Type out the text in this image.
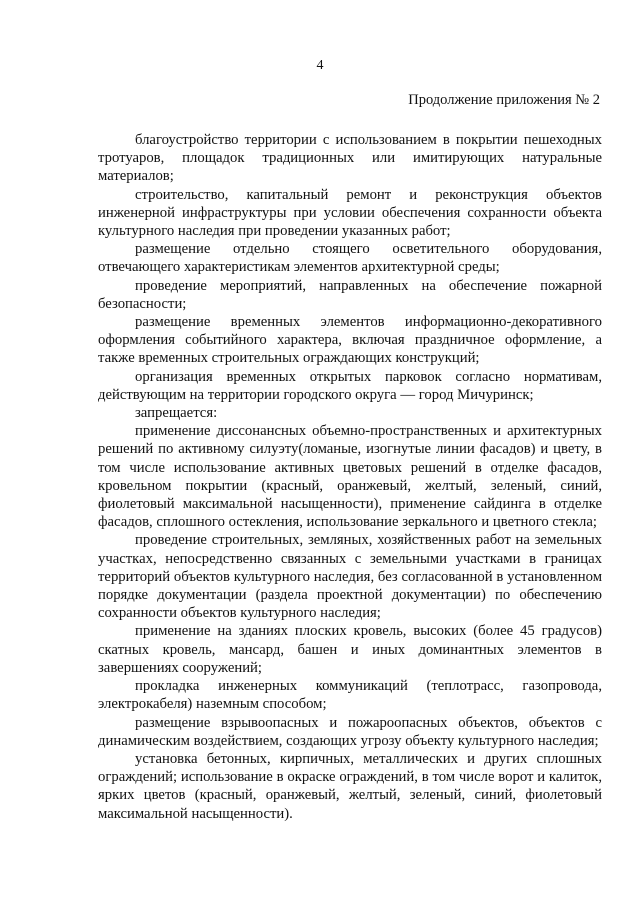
4
Продолжение приложения № 2

благоустройство территории с использованием в покрытии пешеходных тротуаров, площадок традиционных или имитирующих натуральные материалов;

строительство, капитальный ремонт и реконструкция объектов инженерной инфраструктуры при условии обеспечения сохранности объекта культурного наследия при проведении указанных работ;

размещение отдельно стоящего осветительного оборудования, отвечающего характеристикам элементов архитектурной среды;

проведение мероприятий, направленных на обеспечение пожарной безопасности;

размещение временных элементов информационно-декоративного оформления событийного характера, включая праздничное оформление, а также временных строительных ограждающих конструкций;

организация временных открытых парковок согласно нормативам, действующим на территории городского округа — город Мичуринск;

запрещается:

применение диссонансных объемно-пространственных и архитектурных решений по активному силуэту(ломаные, изогнутые линии фасадов) и цвету, в том числе использование активных цветовых решений в отделке фасадов, кровельном покрытии (красный, оранжевый, желтый, зеленый, синий, фиолетовый максимальной насыщенности), применение сайдинга в отделке фасадов, сплошного остекления, использование зеркального и цветного стекла;

проведение строительных, земляных, хозяйственных работ на земельных участках, непосредственно связанных с земельными участками в границах территорий объектов культурного наследия, без согласованной в установленном порядке документации (раздела проектной документации) по обеспечению сохранности объектов культурного наследия;

применение на зданиях плоских кровель, высоких (более 45 градусов) скатных кровель, мансард, башен и иных доминантных элементов в завершениях сооружений;

прокладка инженерных коммуникаций (теплотрасс, газопровода, электрокабеля) наземным способом;

размещение взрывоопасных и пожароопасных объектов, объектов с динамическим воздействием, создающих угрозу объекту культурного наследия;

установка бетонных, кирпичных, металлических и других сплошных ограждений; использование в окраске ограждений, в том числе ворот и калиток, ярких цветов (красный, оранжевый, желтый, зеленый, синий, фиолетовый максимальной насыщенности).
